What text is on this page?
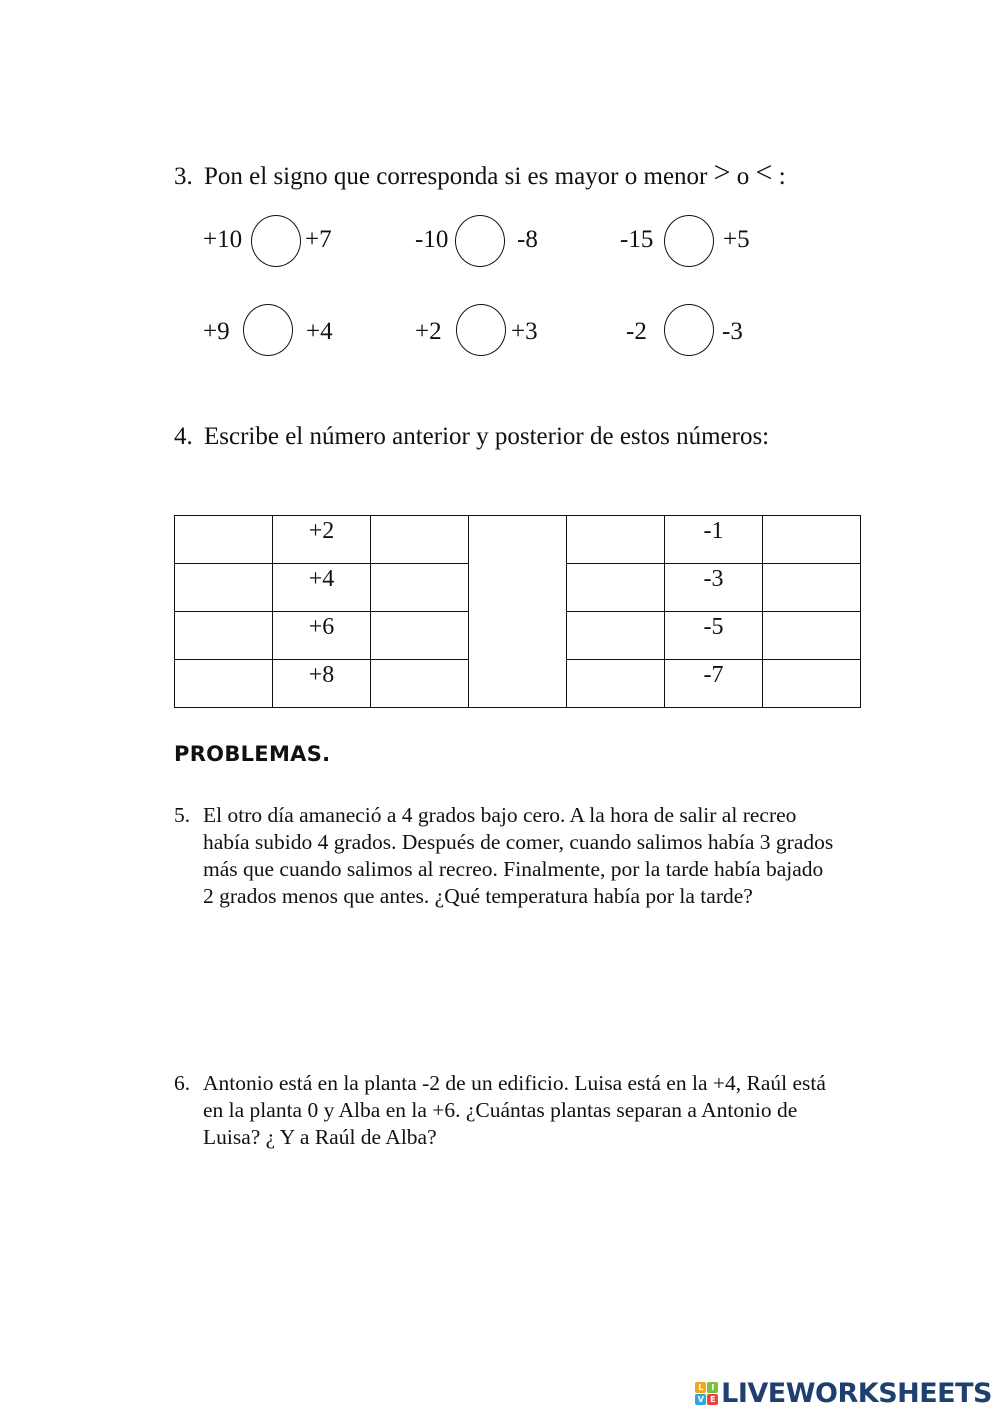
3. Pon el signo que corresponda si es mayor o menor > o < :
+10	+7	-10	-8	-15	+5
+9	+4	+2	+3	-2	-3
4. Escribe el número anterior y posterior de estos números:
	+2				-1	
	+4				-3	
	+6				-5	
	+8				-7	
PROBLEMAS.
5. El otro día amaneció a 4 grados bajo cero. A la hora de salir al recreo había subido 4 grados. Después de comer, cuando salimos había 3 grados más que cuando salimos al recreo. Finalmente, por la tarde había bajado 2 grados menos que antes. ¿Qué temperatura había por la tarde?
6. Antonio está en la planta -2 de un edificio. Luisa está en la +4, Raúl está en la planta 0 y Alba en la +6. ¿Cuántas plantas separan a Antonio de Luisa? ¿ Y a Raúl de Alba?
L	I
V E LIVEWORKSHEETS
